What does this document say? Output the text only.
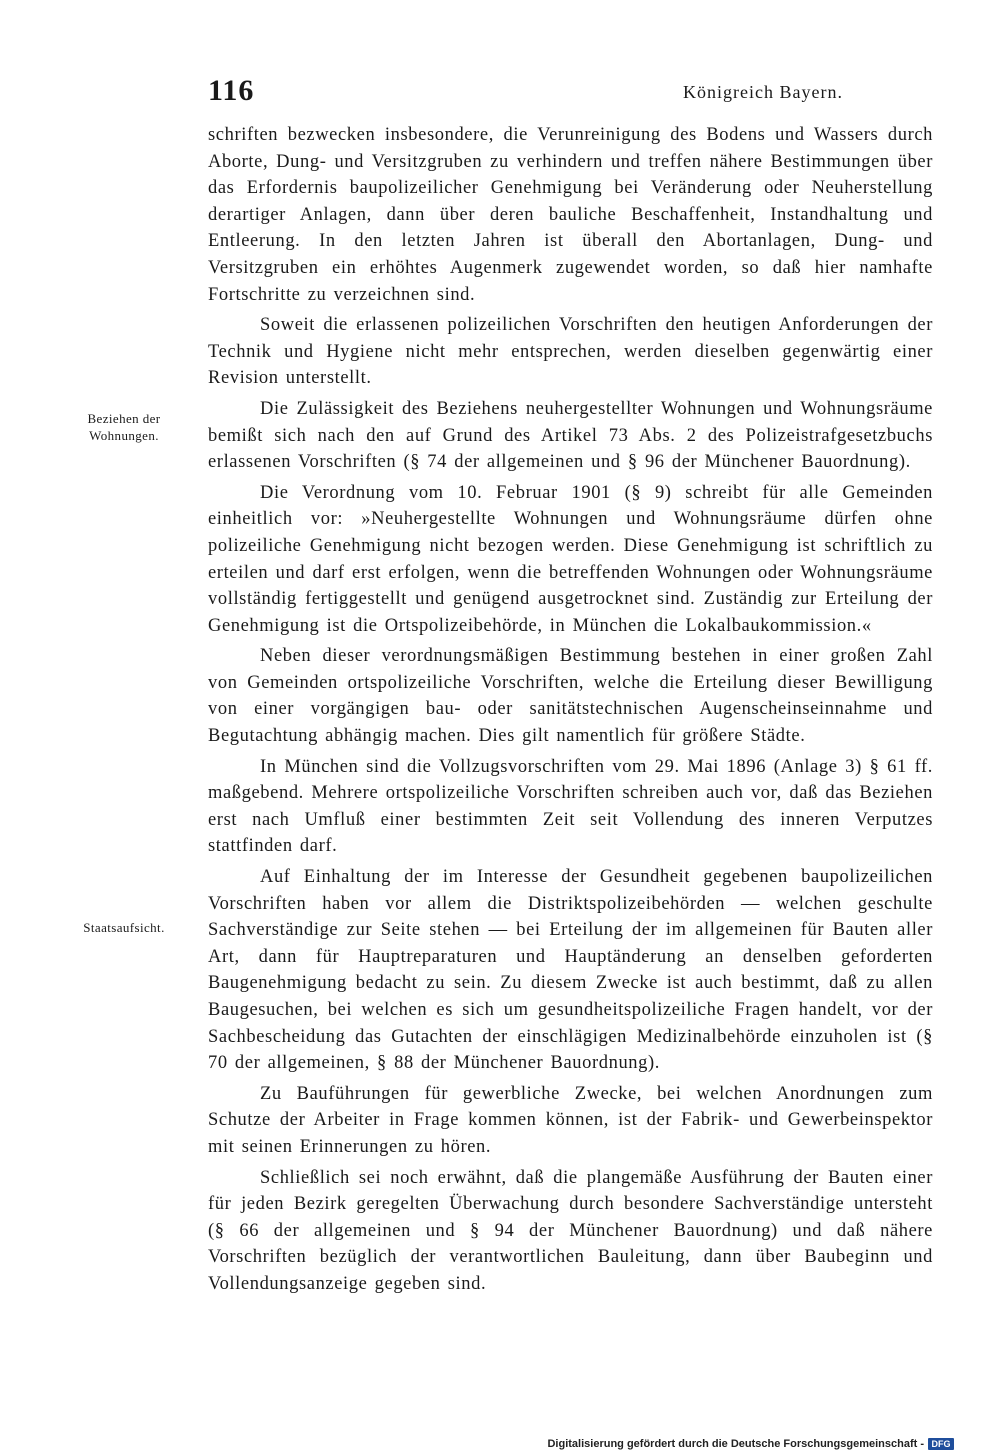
116	Königreich Bayern.
Beziehen der Wohnungen.
Staatsaufsicht.

schriften bezwecken insbesondere, die Verunreinigung des Bodens und Wassers durch Aborte, Dung- und Versitzgruben zu verhindern und treffen nähere Bestimmungen über das Erfordernis baupolizeilicher Genehmigung bei Veränderung oder Neuherstellung derartiger Anlagen, dann über deren bauliche Beschaffenheit, Instandhaltung und Entleerung. In den letzten Jahren ist überall den Abortanlagen, Dung- und Versitzgruben ein erhöhtes Augenmerk zugewendet worden, so daß hier namhafte Fortschritte zu verzeichnen sind.

Soweit die erlassenen polizeilichen Vorschriften den heutigen Anforderungen der Technik und Hygiene nicht mehr entsprechen, werden dieselben gegenwärtig einer Revision unterstellt.

Die Zulässigkeit des Beziehens neuhergestellter Wohnungen und Wohnungsräume bemißt sich nach den auf Grund des Artikel 73 Abs. 2 des Polizeistrafgesetzbuchs erlassenen Vorschriften (§ 74 der allgemeinen und § 96 der Münchener Bauordnung).

Die Verordnung vom 10. Februar 1901 (§ 9) schreibt für alle Gemeinden einheitlich vor: »Neuhergestellte Wohnungen und Wohnungsräume dürfen ohne polizeiliche Genehmigung nicht bezogen werden. Diese Genehmigung ist schriftlich zu erteilen und darf erst erfolgen, wenn die betreffenden Wohnungen oder Wohnungsräume vollständig fertiggestellt und genügend ausgetrocknet sind. Zuständig zur Erteilung der Genehmigung ist die Ortspolizeibehörde, in München die Lokalbaukommission.«

Neben dieser verordnungsmäßigen Bestimmung bestehen in einer großen Zahl von Gemeinden ortspolizeiliche Vorschriften, welche die Erteilung dieser Bewilligung von einer vorgängigen bau- oder sanitätstechnischen Augenscheinseinnahme und Begutachtung abhängig machen. Dies gilt namentlich für größere Städte.

In München sind die Vollzugsvorschriften vom 29. Mai 1896 (Anlage 3) § 61 ff. maßgebend. Mehrere ortspolizeiliche Vorschriften schreiben auch vor, daß das Beziehen erst nach Umfluß einer bestimmten Zeit seit Vollendung des inneren Verputzes stattfinden darf.

Auf Einhaltung der im Interesse der Gesundheit gegebenen baupolizeilichen Vorschriften haben vor allem die Distriktspolizeibehörden — welchen geschulte Sachverständige zur Seite stehen — bei Erteilung der im allgemeinen für Bauten aller Art, dann für Hauptreparaturen und Hauptänderung an denselben geforderten Baugenehmigung bedacht zu sein. Zu diesem Zwecke ist auch bestimmt, daß zu allen Baugesuchen, bei welchen es sich um gesundheitspolizeiliche Fragen handelt, vor der Sachbescheidung das Gutachten der einschlägigen Medizinalbehörde einzuholen ist (§ 70 der allgemeinen, § 88 der Münchener Bauordnung).

Zu Bauführungen für gewerbliche Zwecke, bei welchen Anordnungen zum Schutze der Arbeiter in Frage kommen können, ist der Fabrik- und Gewerbeinspektor mit seinen Erinnerungen zu hören.

Schließlich sei noch erwähnt, daß die plangemäße Ausführung der Bauten einer für jeden Bezirk geregelten Überwachung durch besondere Sachverständige untersteht (§ 66 der allgemeinen und § 94 der Münchener Bauordnung) und daß nähere Vorschriften bezüglich der verantwortlichen Bauleitung, dann über Baubeginn und Vollendungsanzeige gegeben sind.

Digitalisierung gefördert durch die Deutsche Forschungsgemeinschaft - DFG
